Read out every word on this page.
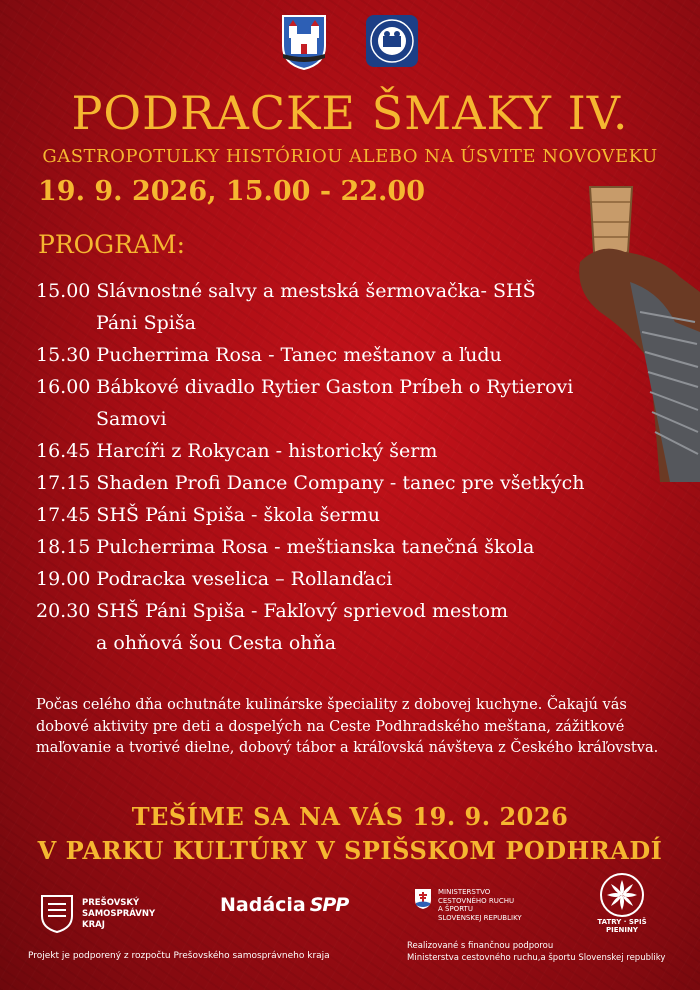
PODRACKE ŠMAKY IV.
GASTROPOTULKY HISTÓRIOU ALEBO NA ÚSVITE NOVOVEKU
19. 9. 2026, 15.00 - 22.00
PROGRAM:
15.00 Slávnostné salvy a mestská šermovačka- SHŠ
Páni Spiša
15.30 Pucherrima Rosa - Tanec meštanov a ľudu
16.00 Bábkové divadlo Rytier Gaston Príbeh o Rytierovi
Samovi
16.45 Harcíři z Rokycan - historický šerm
17.15 Shaden Profi Dance Company - tanec pre všetkých
17.45 SHŠ Páni Spiša - škola šermu
18.15 Pulcherrima Rosa - meštianska tanečná škola
19.00 Podracka veselica – Rollanďaci
20.30 SHŠ Páni Spiša - Fakľový sprievod mestom
a ohňová šou Cesta ohňa
Počas celého dňa ochutnáte kulinárske špeciality z dobovej kuchyne. Čakajú vás dobové aktivity pre deti a dospelých na Ceste Podhradského meštana, zážitkové maľovanie a tvorivé dielne, dobový tábor a kráľovská návšteva z Českého kráľovstva.
TEŠÍME SA NA VÁS 19. 9. 2026
V PARKU KULTÚRY V SPIŠSKOM PODHRADÍ
PREŠOVSKÝ
SAMOSPRÁVNY
KRAJ
Nadácia SPP
MINISTERSTVO
CESTOVNÉHO RUCHU
A ŠPORTU
SLOVENSKEJ REPUBLIKY
TATRY · SPIŠ
PIENINY
Projekt je podporený z rozpočtu Prešovského samosprávneho kraja
Realizované s finančnou podporou
Ministerstva cestovného ruchu,a športu Slovenskej republiky
